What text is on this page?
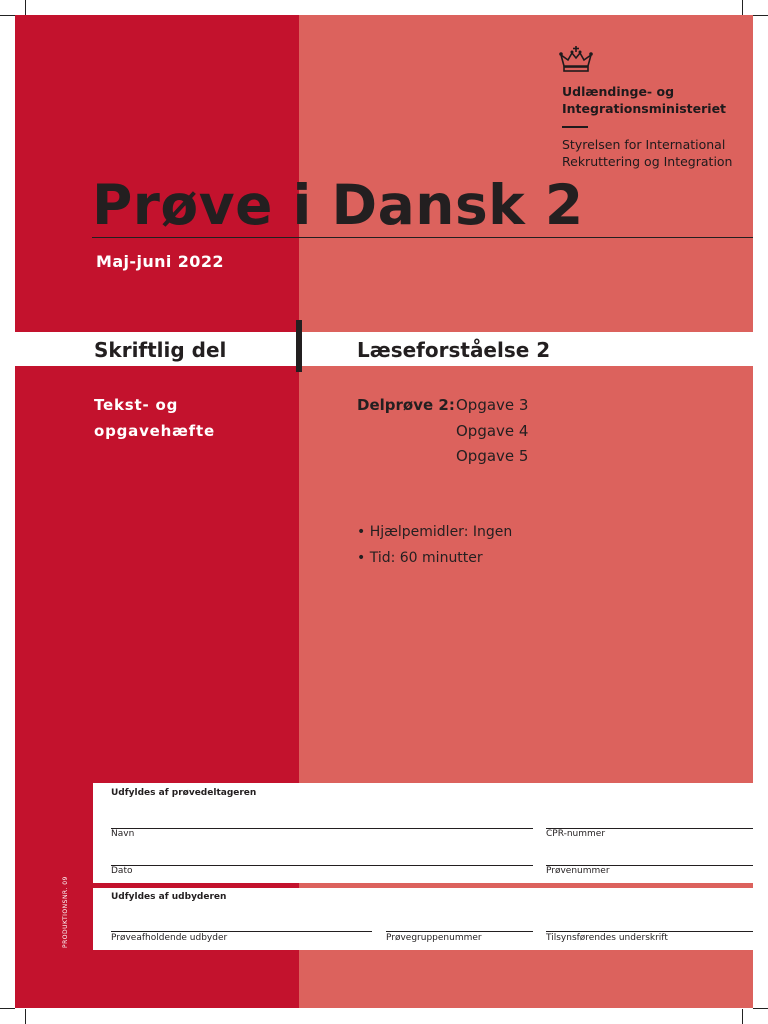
Udlændinge- og
Integrationsministeriet
Styrelsen for International
Rekruttering og Integration
Prøve i Dansk 2
Maj-juni 2022
Skriftlig del	Læseforståelse 2
Tekst- og
opgavehæfte
Delprøve 2: Opgave 3
Opgave 4
Opgave 5
• Hjælpemidler: Ingen
• Tid: 60 minutter
Udfyldes af prøvedeltageren
Navn	CPR-nummer
Dato	Prøvenummer
Udfyldes af udbyderen
Prøveafholdende udbyder	Prøvegruppenummer	Tilsynsførendes underskrift
PRODUKTIONSNR. 09
